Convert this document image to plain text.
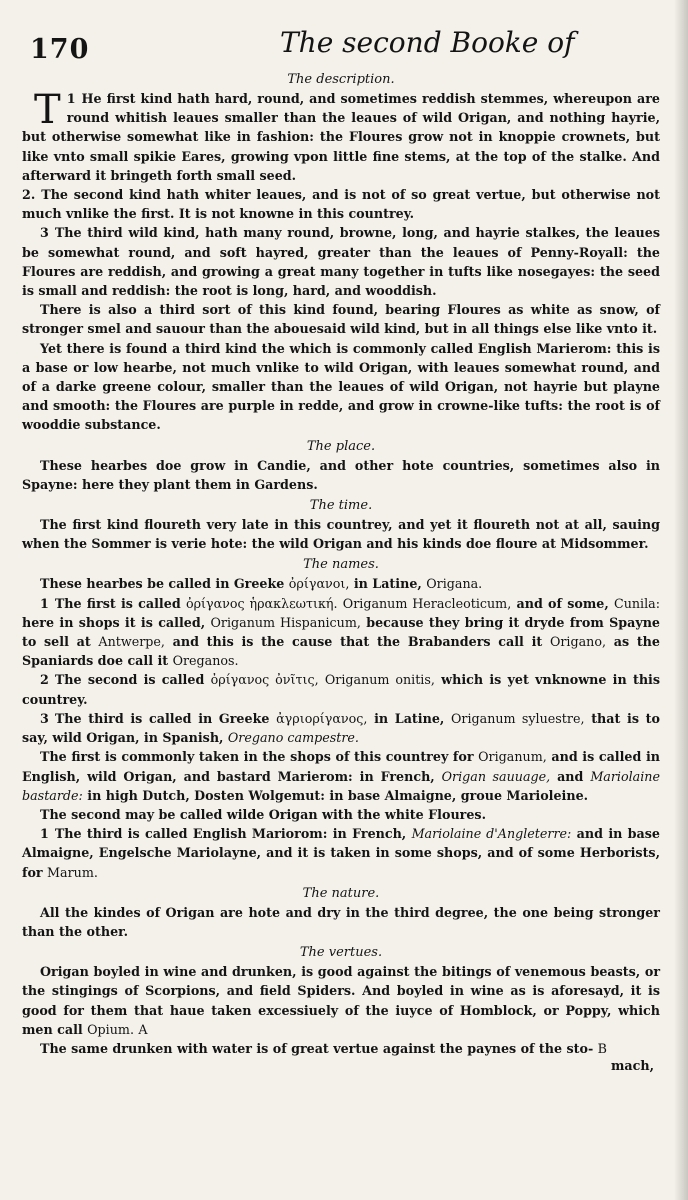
170	The second Booke of
The description.

1
T He first kind hath hard, round, and sometimes reddish stemmes, whereupon are round whitish leaues smaller than the leaues of wild Origan, and nothing hayrie, but otherwise somewhat like in fashion: the Floures grow not in knoppie crownets, but like vnto small spikie Eares, growing vpon little fine stems, at the top of the stalke. And afterward it bringeth forth small seed.

2. The second kind hath whiter leaues, and is not of so great vertue, but otherwise not much vnlike the first. It is not knowne in this countrey.

3 The third wild kind, hath many round, browne, long, and hayrie stalkes, the leaues be somewhat round, and soft hayred, greater than the leaues of Penny-Royall: the Floures are reddish, and growing a great many together in tufts like nosegayes: the seed is small and reddish: the root is long, hard, and wooddish.

There is also a third sort of this kind found, bearing Floures as white as snow, of stronger smel and sauour than the abouesaid wild kind, but in all things else like vnto it.

Yet there is found a third kind the which is commonly called English Marierom: this is a base or low hearbe, not much vnlike to wild Origan, with leaues somewhat round, and of a darke greene colour, smaller than the leaues of wild Origan, not hayrie but playne and smooth: the Floures are purple in redde, and grow in crowne-like tufts: the root is of wooddie substance.

The place.

These hearbes doe grow in Candie, and other hote countries, sometimes also in Spayne: here they plant them in Gardens.

The time.

The first kind floureth very late in this countrey, and yet it floureth not at all, sauing when the Sommer is verie hote: the wild Origan and his kinds doe floure at Midsommer.

The names.

These hearbes be called in Greeke ὀρίγανοι, in Latine, Origana.

1 The first is called ὀρίγανος ἡρακλεωτική. Origanum Heracleoticum, and of some, Cunila: here in shops it is called, Origanum Hispanicum, because they bring it dryde from Spayne to sell at Antwerpe, and this is the cause that the Brabanders call it Origano, as the Spaniards doe call it Oreganos.

2 The second is called ὀρίγανος ὀνῖτις, Origanum onitis, which is yet vnknowne in this countrey.

3 The third is called in Greeke ἀγριορίγανος, in Latine, Origanum syluestre, that is to say, wild Origan, in Spanish, Oregano campestre.

The first is commonly taken in the shops of this countrey for Origanum, and is called in English, wild Origan, and bastard Marierom: in French, Origan sauuage, and Mariolaine bastarde: in high Dutch, Dosten Wolgemut: in base Almaigne, groue Marioleine.

The second may be called wilde Origan with the white Floures.

1 The third is called English Mariorom: in French, Mariolaine d'Angleterre: and in base Almaigne, Engelsche Mariolayne, and it is taken in some shops, and of some Herborists, for Marum.

The nature.

All the kindes of Origan are hote and dry in the third degree, the one being stronger than the other.

The vertues.

Origan boyled in wine and drunken, is good against the bitings of venemous beasts, or the stingings of Scorpions, and field Spiders. And boyled in wine as is aforesayd, it is good for them that haue taken excessiuely of the iuyce of Homblock, or Poppy, which men call Opium. A

The same drunken with water is of great vertue against the paynes of the sto- B

mach,
